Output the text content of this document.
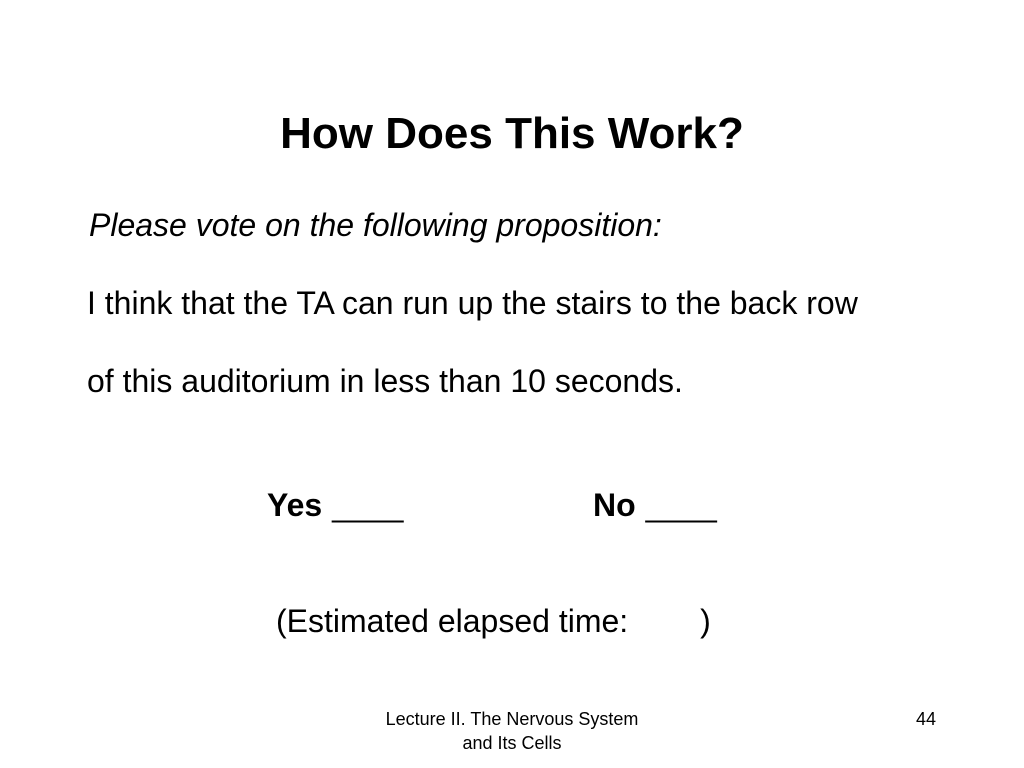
How Does This Work?
Please vote on the following proposition:
I think that the TA can run up the stairs to the back row
of this auditorium in less than 10 seconds.
Yes ____	No ____
(Estimated elapsed time: )
Lecture II. The Nervous System
and Its Cells
44
